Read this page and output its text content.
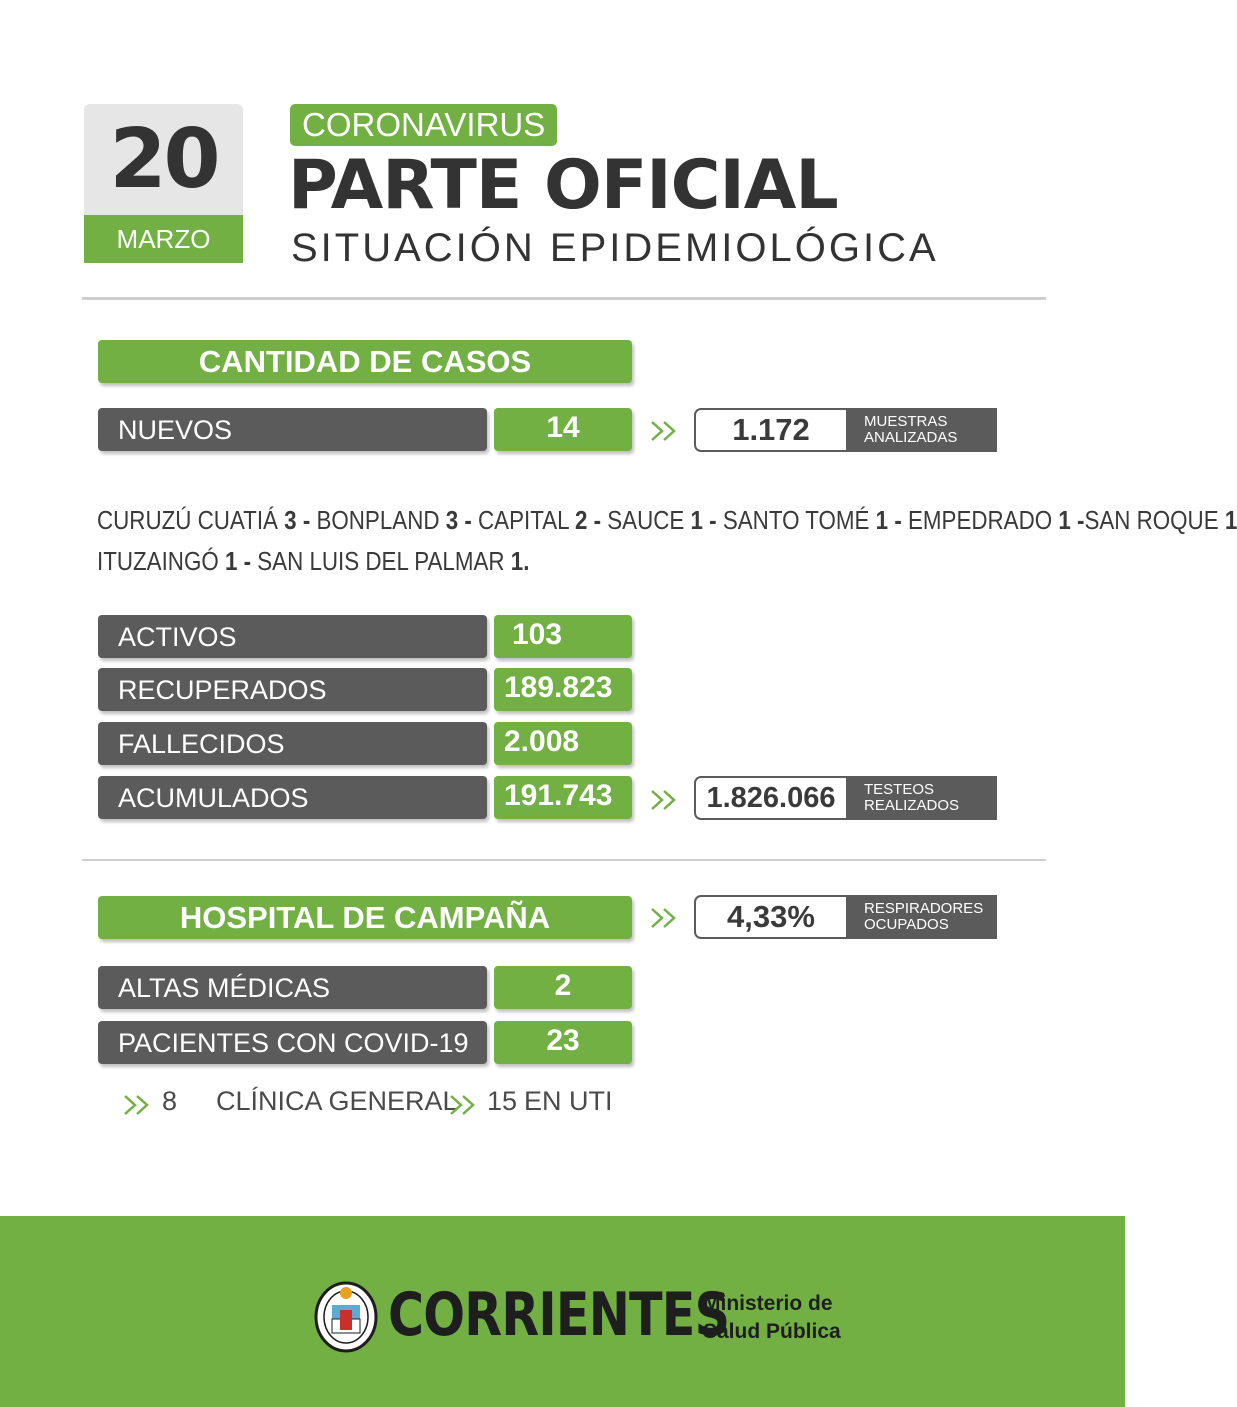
20
MARZO
CORONAVIRUS
PARTE OFICIAL
SITUACIÓN EPIDEMIOLÓGICA
CANTIDAD DE CASOS
NUEVOS	14	1.172	MUESTRAS
ANALIZADAS
CURUZÚ CUATIÁ 3 - BONPLAND 3 - CAPITAL 2 - SAUCE 1 - SANTO TOMÉ 1 - EMPEDRADO 1 -SAN ROQUE 1
ITUZAINGÓ 1 - SAN LUIS DEL PALMAR 1.
ACTIVOS	103
RECUPERADOS	189.823
FALLECIDOS	2.008
ACUMULADOS	191.743	1.826.066	TESTEOS
REALIZADOS
HOSPITAL DE CAMPAÑA	4,33%	RESPIRADORES
OCUPADOS
ALTAS MÉDICAS	2
PACIENTES CON COVID-19	23
8 CLÍNICA GENERAL 15 EN UTI
CORRIENTES
Ministerio de
Salud Pública
